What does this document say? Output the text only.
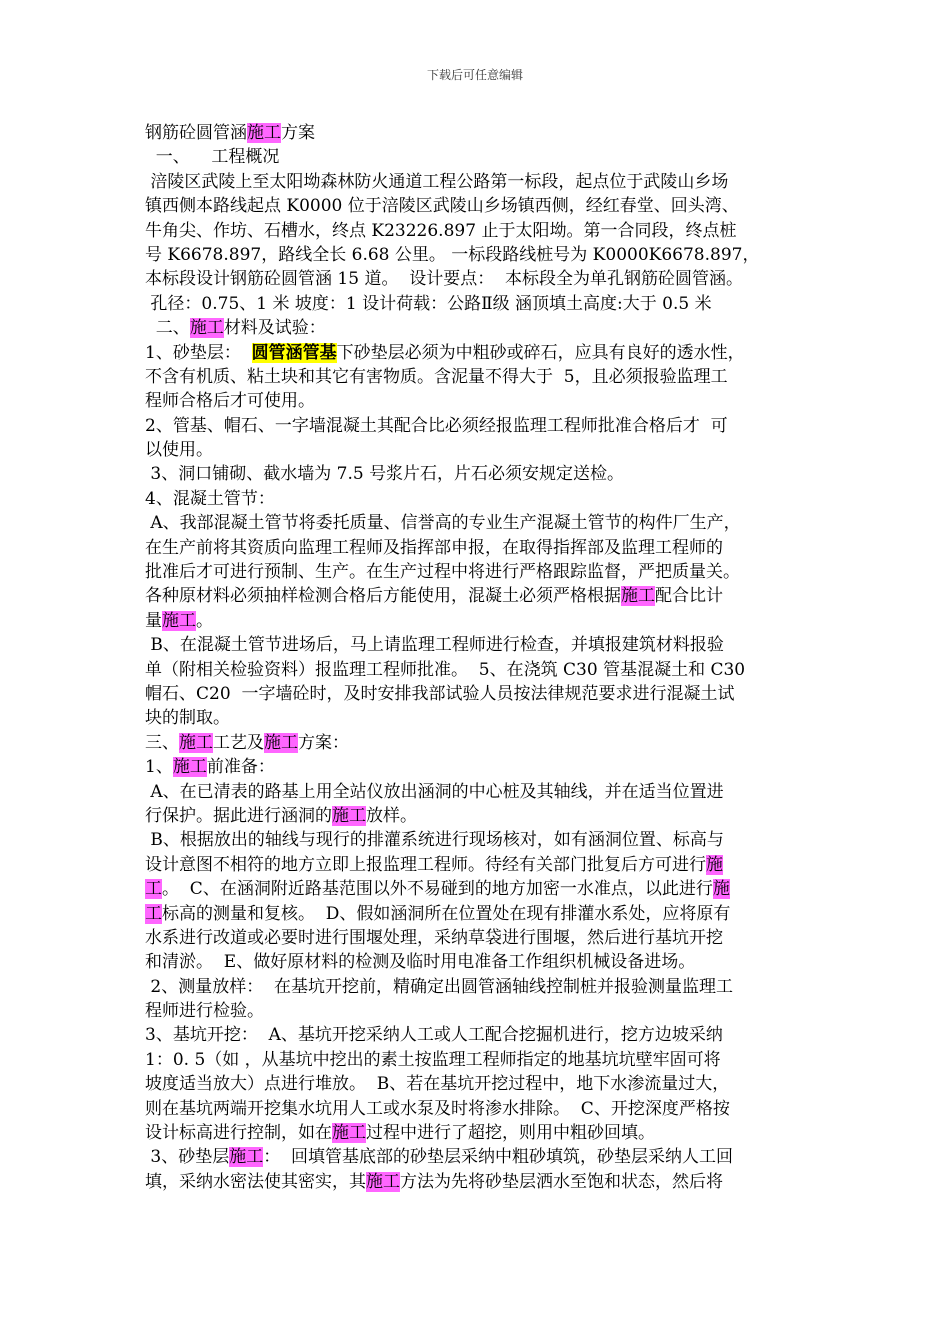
下载后可任意编辑
钢筋砼圆管涵施工方案
一、    工程概况
涪陵区武陵上至太阳坳森林防火通道工程公路第一标段，起点位于武陵山乡场
镇西侧本路线起点 K0000 位于涪陵区武陵山乡场镇西侧，经红春堂、回头湾、
牛角尖、作坊、石槽水，终点 K23226.897 止于太阳坳。第一合同段，终点桩
号 K6678.897，路线全长 6.68 公里。 一标段路线桩号为 K0000K6678.897，
本标段设计钢筋砼圆管涵 15 道。  设计要点：  本标段全为单孔钢筋砼圆管涵。
孔径：0.75、1 米 坡度：1 设计荷载：公路Ⅱ级 涵顶填土高度:大于 0.5 米
二、施工材料及试验：
1、砂垫层：  圆管涵管基下砂垫层必须为中粗砂或碎石，应具有良好的透水性，
不含有机质、粘土块和其它有害物质。含泥量不得大于  5，且必须报验监理工
程师合格后才可使用。
2、管基、帽石、一字墙混凝土其配合比必须经报监理工程师批准合格后才  可
以使用。
3、洞口铺砌、截水墙为 7.5 号浆片石，片石必须安规定送检。
4、混凝土管节：
A、我部混凝土管节将委托质量、信誉高的专业生产混凝土管节的构件厂生产，
在生产前将其资质向监理工程师及指挥部申报，在取得指挥部及监理工程师的
批准后才可进行预制、生产。在生产过程中将进行严格跟踪监督，严把质量关。
各种原材料必须抽样检测合格后方能使用，混凝土必须严格根据施工配合比计
量施工。
B、在混凝土管节进场后，马上请监理工程师进行检查，并填报建筑材料报验
单（附相关检验资料）报监理工程师批准。  5、在浇筑 C30 管基混凝土和 C30
帽石、C20  一字墙砼时，及时安排我部试验人员按法律规范要求进行混凝土试
块的制取。
三、施工工艺及施工方案：
1、施工前准备：
A、在已清表的路基上用全站仪放出涵洞的中心桩及其轴线，并在适当位置进
行保护。据此进行涵洞的施工放样。
B、根据放出的轴线与现行的排灌系统进行现场核对，如有涵洞位置、标高与
设计意图不相符的地方立即上报监理工程师。待经有关部门批复后方可进行施
工。  C、在涵洞附近路基范围以外不易碰到的地方加密一水准点，以此进行施
工标高的测量和复核。  D、假如涵洞所在位置处在现有排灌水系处，应将原有
水系进行改道或必要时进行围堰处理，采纳草袋进行围堰，然后进行基坑开挖
和清淤。  E、做好原材料的检测及临时用电准备工作组织机械设备进场。
2、测量放样：  在基坑开挖前，精确定出圆管涵轴线控制桩并报验测量监理工
程师进行检验。
3、基坑开挖：  A、基坑开挖采纳人工或人工配合挖掘机进行，挖方边坡采纳
1：0. 5（如 ，从基坑中挖出的素土按监理工程师指定的地基坑坑壁牢固可将
坡度适当放大）点进行堆放。  B、若在基坑开挖过程中，地下水渗流量过大，
则在基坑两端开挖集水坑用人工或水泵及时将渗水排除。  C、开挖深度严格按
设计标高进行控制，如在施工过程中进行了超挖，则用中粗砂回填。
3、砂垫层施工：  回填管基底部的砂垫层采纳中粗砂填筑，砂垫层采纳人工回
填，采纳水密法使其密实，其施工方法为先将砂垫层洒水至饱和状态，然后将
